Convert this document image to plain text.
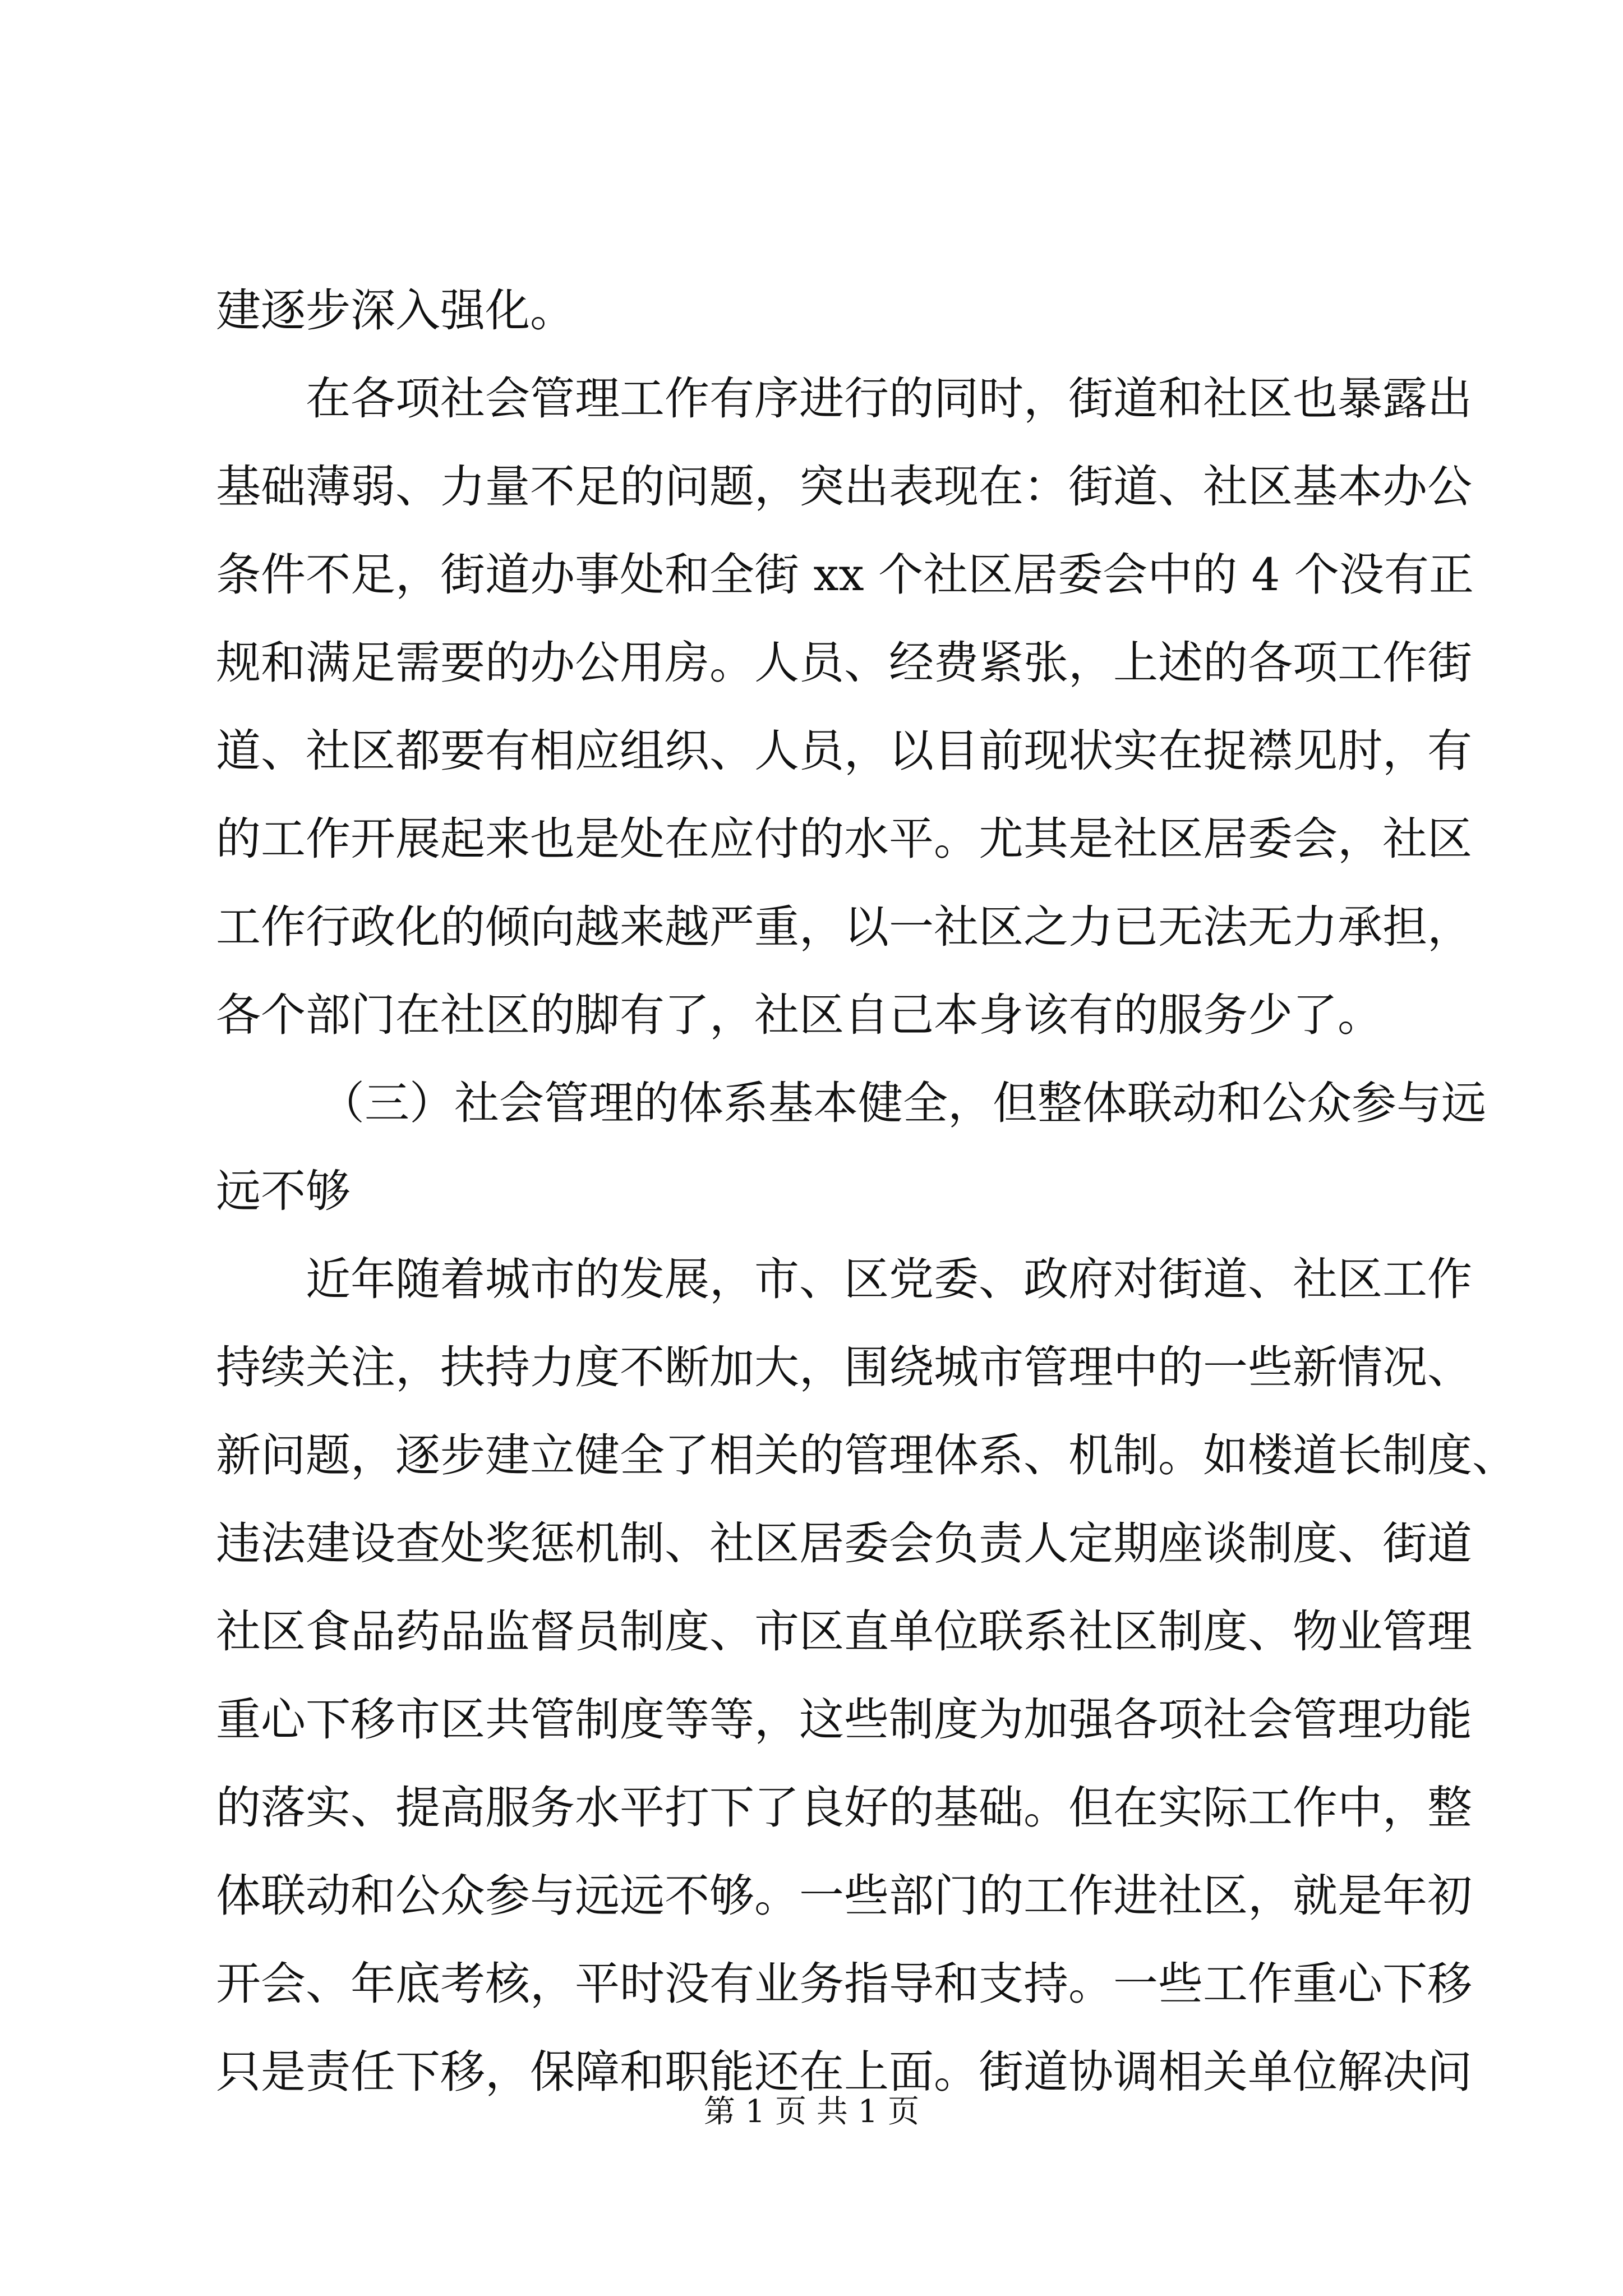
建逐步深入强化。
在各项社会管理工作有序进行的同时，街道和社区也暴露出
基础薄弱、力量不足的问题，突出表现在：街道、社区基本办公
条件不足，街道办事处和全街 xx 个社区居委会中的 4 个没有正
规和满足需要的办公用房。人员、经费紧张，上述的各项工作街
道、社区都要有相应组织、人员，以目前现状实在捉襟见肘，有
的工作开展起来也是处在应付的水平。尤其是社区居委会，社区
工作行政化的倾向越来越严重，以一社区之力已无法无力承担，
各个部门在社区的脚有了，社区自己本身该有的服务少了。
（三）社会管理的体系基本健全，但整体联动和公众参与远
远不够
近年随着城市的发展，市、区党委、政府对街道、社区工作
持续关注，扶持力度不断加大，围绕城市管理中的一些新情况、
新问题，逐步建立健全了相关的管理体系、机制。如楼道长制度、
违法建设查处奖惩机制、社区居委会负责人定期座谈制度、街道
社区食品药品监督员制度、市区直单位联系社区制度、物业管理
重心下移市区共管制度等等，这些制度为加强各项社会管理功能
的落实、提高服务水平打下了良好的基础。但在实际工作中，整
体联动和公众参与远远不够。一些部门的工作进社区，就是年初
开会、年底考核，平时没有业务指导和支持。一些工作重心下移
只是责任下移，保障和职能还在上面。街道协调相关单位解决问
第 1 页 共 1 页
